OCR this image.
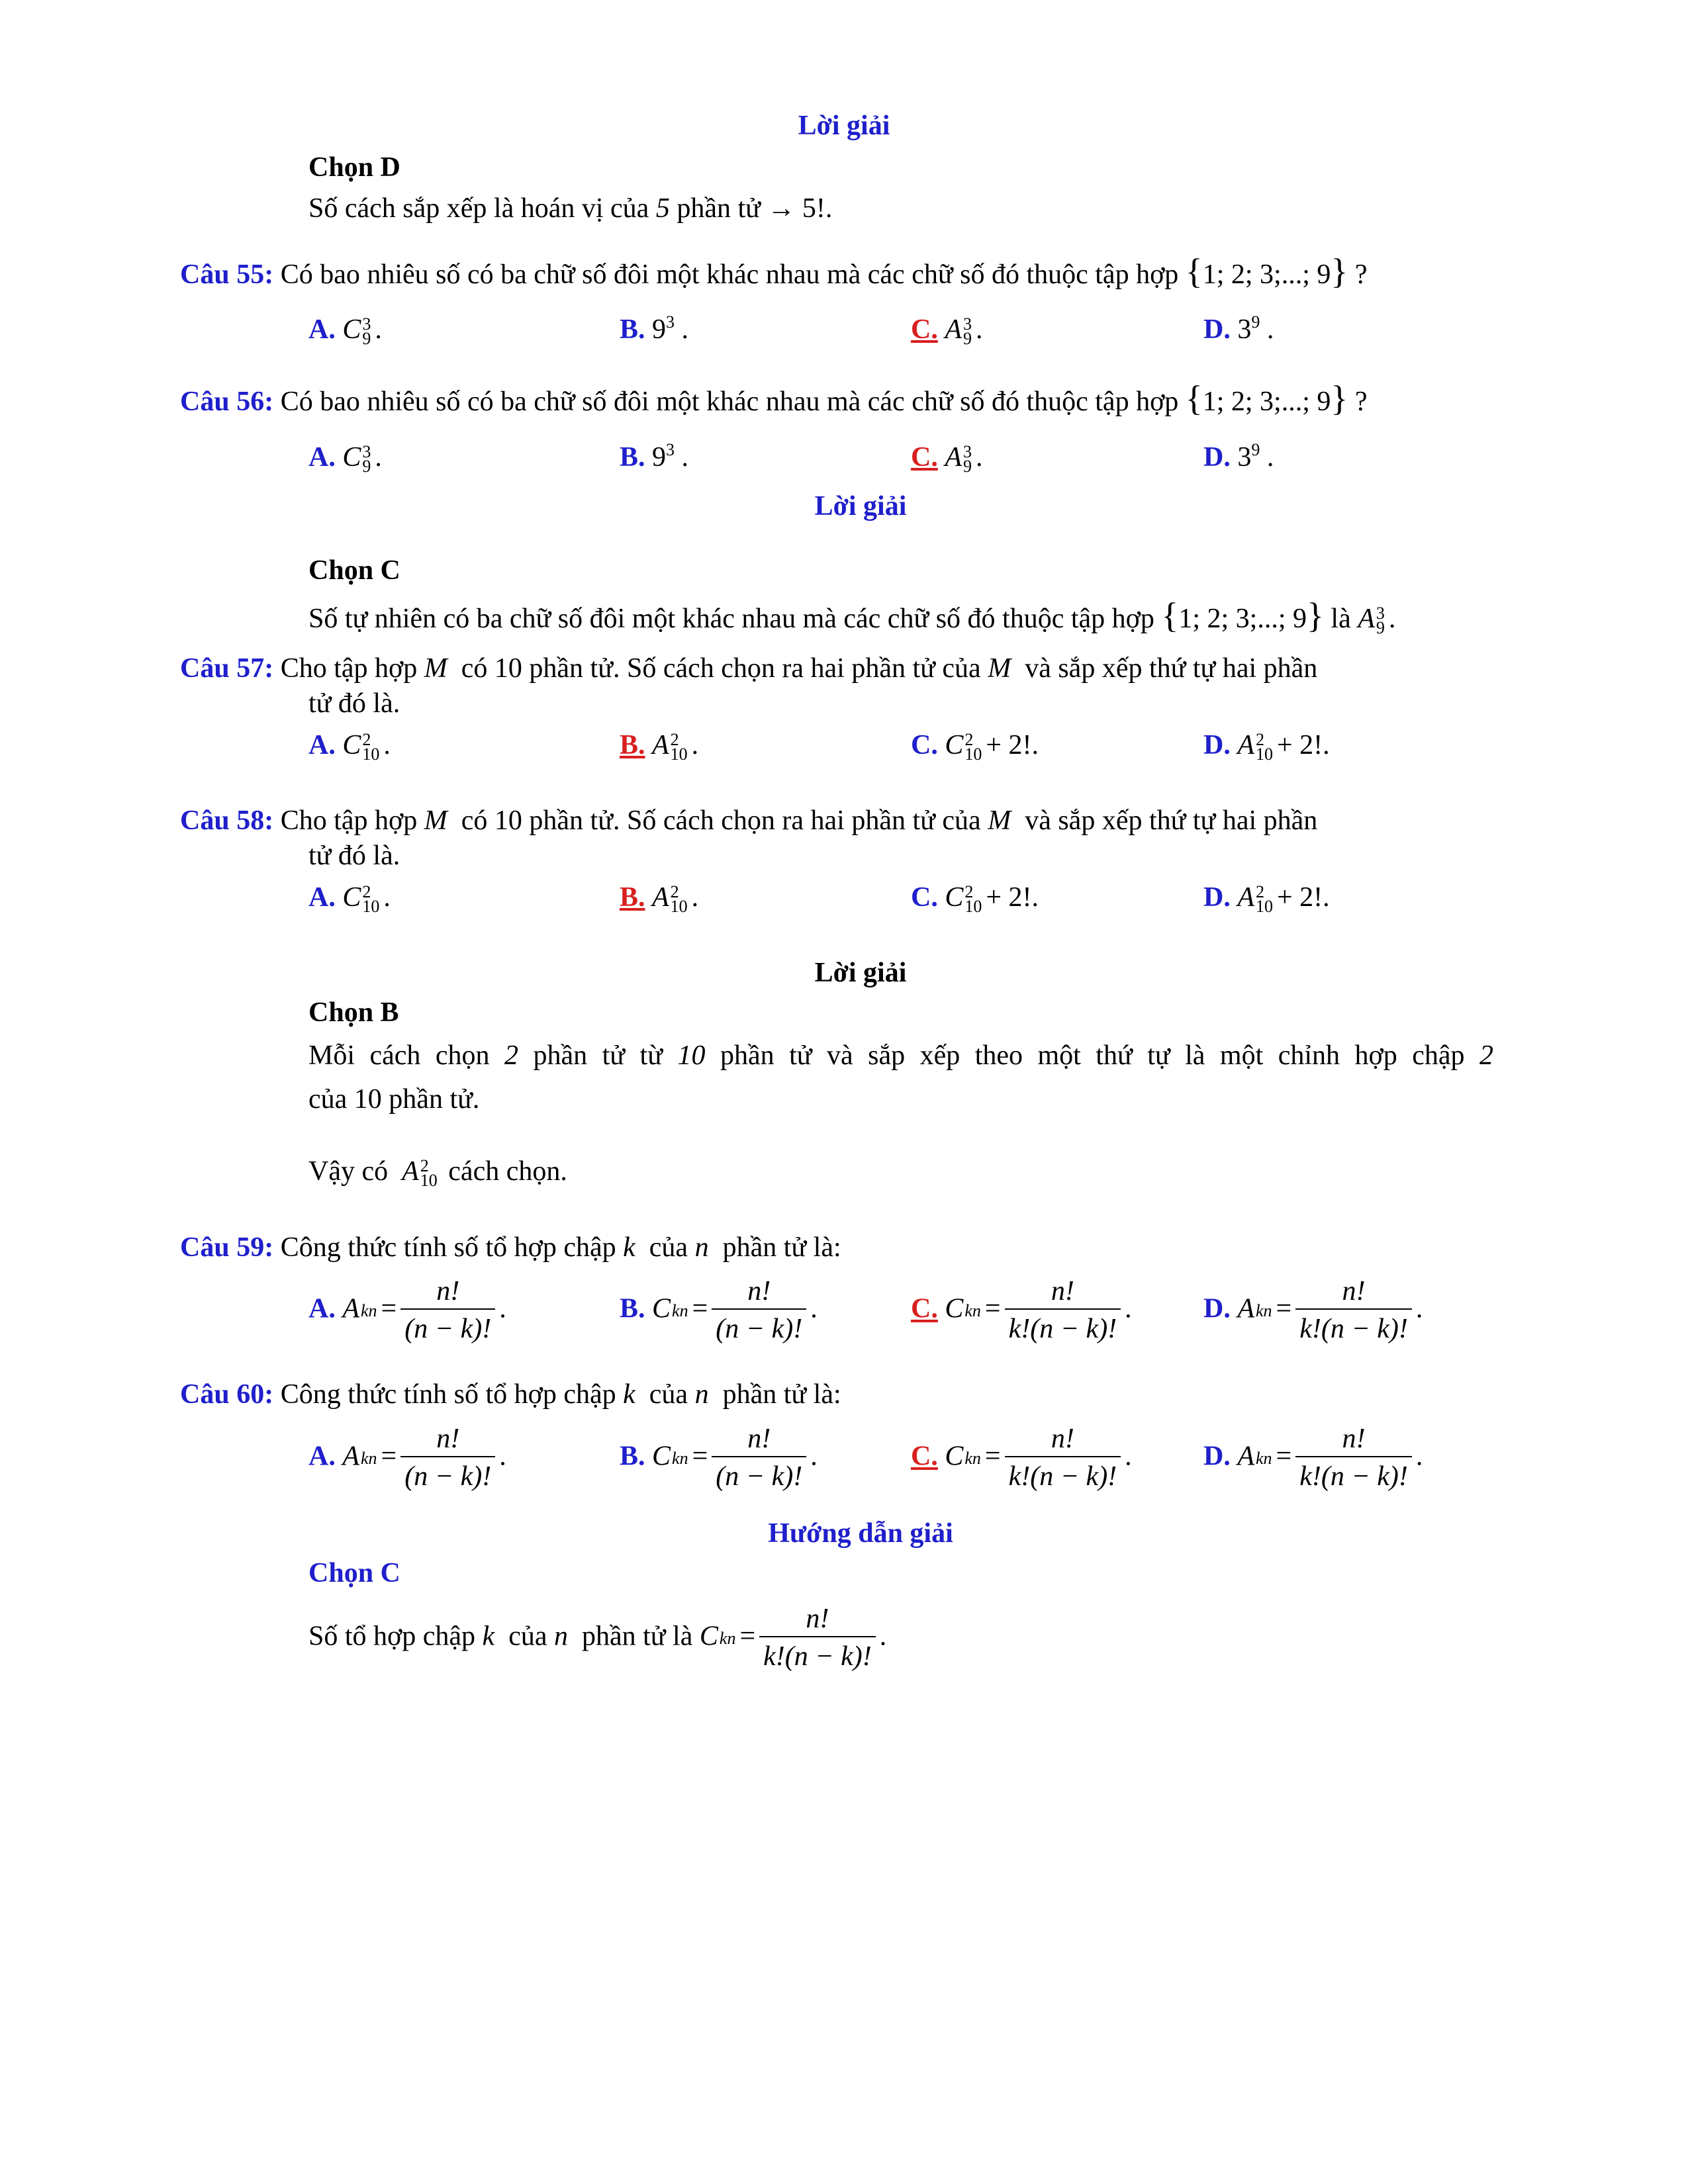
Lời giải
Chọn D
Số cách sắp xếp là hoán vị của 5 phần tử → 5!.
Câu 55: Có bao nhiêu số có ba chữ số đôi một khác nhau mà các chữ số đó thuộc tập hợp {1; 2; 3;...; 9} ?
A. C 3
9 .	B. $9^3$ .	C. A 3
9 .	D. $3^9$ .
Câu 56: Có bao nhiêu số có ba chữ số đôi một khác nhau mà các chữ số đó thuộc tập hợp {1; 2; 3;...; 9} ?
A. C 3
9 .	B. $9^3$ .	C. A 3
9 .	D. $3^9$ .
Lời giải
Chọn C
Số tự nhiên có ba chữ số đôi một khác nhau mà các chữ số đó thuộc tập hợp {1; 2; 3;...; 9} là A 3
9 .
Câu 57: Cho tập hợp M có 10 phần tử. Số cách chọn ra hai phần tử của M và sắp xếp thứ tự hai phần
tử đó là.
A. C 2
10 .	B. A 2
10 .	C. C 2
10 + 2!.	D. A 2
10 + 2!.
Câu 58: Cho tập hợp M có 10 phần tử. Số cách chọn ra hai phần tử của M và sắp xếp thứ tự hai phần
tử đó là.
A. C 2
10 .	B. A 2
10 .	C. C 2
10 + 2!.	D. A 2
10 + 2!.
Lời giải
Chọn B
Mỗi cách chọn 2 phần tử từ 10 phần tử và sắp xếp theo một thứ tự là một chỉnh hợp chập 2
của 10 phần tử.
Vậy có A 2
10 cách chọn.
Câu 59: Công thức tính số tổ hợp chập k của n phần tử là:
A. Akn = $\frac{n!}{(n - k)!}$ .	B. Ckn = $\frac{n!}{(n - k)!}$ .	C. Ckn = $\frac{n!}{k!(n - k)!}$ .	D. Akn = $\frac{n!}{k!(n - k)!}$ .
Câu 60: Công thức tính số tổ hợp chập k của n phần tử là:
A. Akn = $\frac{n!}{(n - k)!}$ .	B. Ckn = $\frac{n!}{(n - k)!}$ .	C. Ckn = $\frac{n!}{k!(n - k)!}$ .	D. Akn = $\frac{n!}{k!(n - k)!}$ .
Hướng dẫn giải
Chọn C
Số tổ hợp chập k của n phần tử là Ckn = $\frac{n!}{k!(n - k)!}$ .
